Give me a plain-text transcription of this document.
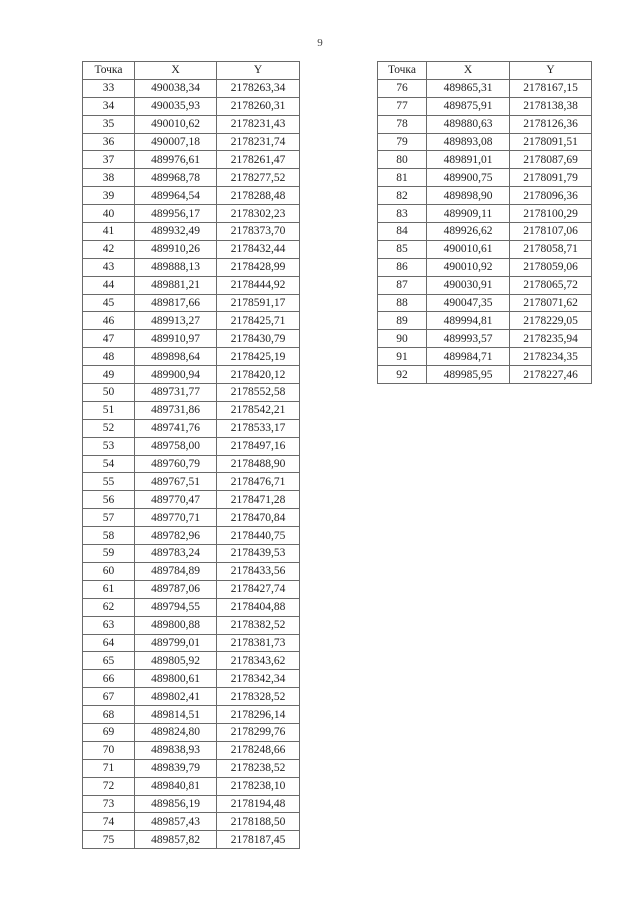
9
Точка	X	Y
33	490038,34	2178263,34
34	490035,93	2178260,31
35	490010,62	2178231,43
36	490007,18	2178231,74
37	489976,61	2178261,47
38	489968,78	2178277,52
39	489964,54	2178288,48
40	489956,17	2178302,23
41	489932,49	2178373,70
42	489910,26	2178432,44
43	489888,13	2178428,99
44	489881,21	2178444,92
45	489817,66	2178591,17
46	489913,27	2178425,71
47	489910,97	2178430,79
48	489898,64	2178425,19
49	489900,94	2178420,12
50	489731,77	2178552,58
51	489731,86	2178542,21
52	489741,76	2178533,17
53	489758,00	2178497,16
54	489760,79	2178488,90
55	489767,51	2178476,71
56	489770,47	2178471,28
57	489770,71	2178470,84
58	489782,96	2178440,75
59	489783,24	2178439,53
60	489784,89	2178433,56
61	489787,06	2178427,74
62	489794,55	2178404,88
63	489800,88	2178382,52
64	489799,01	2178381,73
65	489805,92	2178343,62
66	489800,61	2178342,34
67	489802,41	2178328,52
68	489814,51	2178296,14
69	489824,80	2178299,76
70	489838,93	2178248,66
71	489839,79	2178238,52
72	489840,81	2178238,10
73	489856,19	2178194,48
74	489857,43	2178188,50
75	489857,82	2178187,45
Точка	X	Y
76	489865,31	2178167,15
77	489875,91	2178138,38
78	489880,63	2178126,36
79	489893,08	2178091,51
80	489891,01	2178087,69
81	489900,75	2178091,79
82	489898,90	2178096,36
83	489909,11	2178100,29
84	489926,62	2178107,06
85	490010,61	2178058,71
86	490010,92	2178059,06
87	490030,91	2178065,72
88	490047,35	2178071,62
89	489994,81	2178229,05
90	489993,57	2178235,94
91	489984,71	2178234,35
92	489985,95	2178227,46
